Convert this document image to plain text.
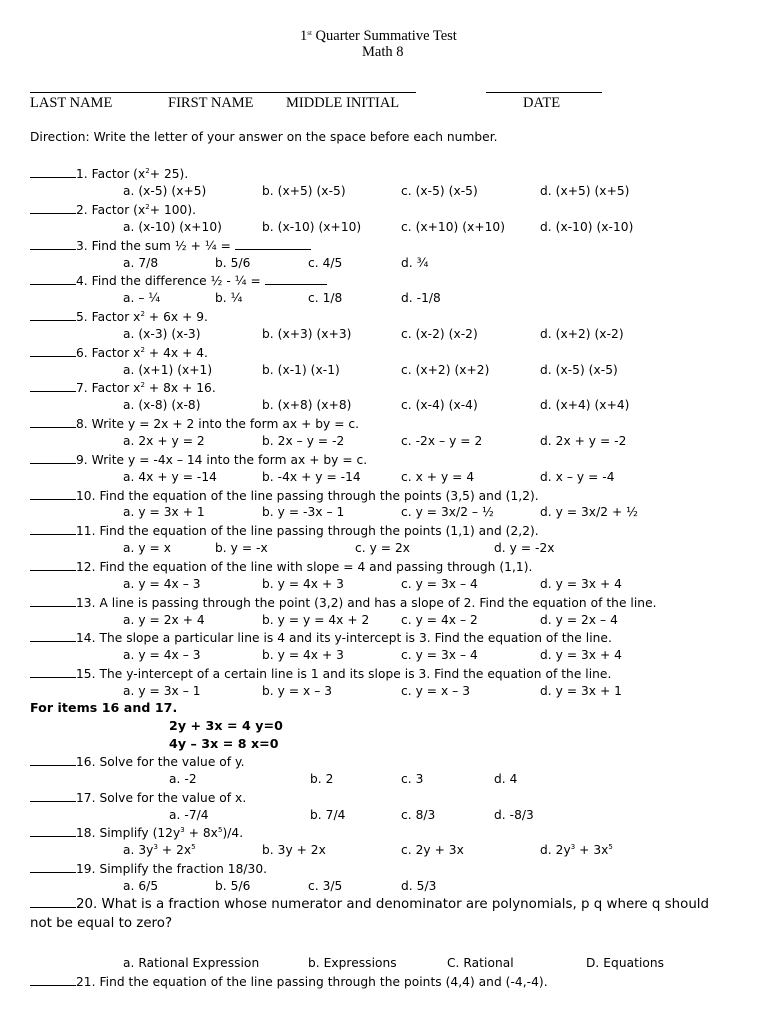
1st Quarter Summative Test
Math 8
LAST NAME	FIRST NAME MIDDLE INITIAL	DATE
Direction: Write the letter of your answer on the space before each number.
1. Factor $(x^2+ 25)$.
a. (x-5) (x+5)	b. (x+5) (x-5)	c. (x-5) (x-5)	d. (x+5) (x+5)
2. Factor $(x^2+ 100)$.
a. (x-10) (x+10)	b. (x-10) (x+10)	c. (x+10) (x+10)	d. (x-10) (x-10)
3. Find the sum ½ + ¼ =
a. 7/8	b. 5/6	c. 4/5	d. ¾
4. Find the difference ½ - ¼ =
a. – ¼	b. ¼	c. 1/8	d. -1/8
5. Factor $x^2 + 6x + 9$.
a. (x-3) (x-3)	b. (x+3) (x+3)	c. (x-2) (x-2)	d. (x+2) (x-2)
6. Factor $x^2 + 4x + 4$.
a. (x+1) (x+1)	b. (x-1) (x-1)	c. (x+2) (x+2)	d. (x-5) (x-5)
7. Factor $x^2 + 8x + 16$.
a. (x-8) (x-8)	b. (x+8) (x+8)	c. (x-4) (x-4)	d. (x+4) (x+4)
8. Write y = 2x + 2 into the form ax + by = c.
a. 2x + y = 2	b. 2x – y = -2	c. -2x – y = 2	d. 2x + y = -2
9. Write y = -4x – 14 into the form ax + by = c.
a. 4x + y = -14	b. -4x + y = -14	c. x + y = 4	d. x – y = -4
10. Find the equation of the line passing through the points (3,5) and (1,2).
a. y = 3x + 1	b. y = -3x – 1	c. y = 3x/2 – ½	d. y = 3x/2 + ½
11. Find the equation of the line passing through the points (1,1) and (2,2).
a. y = x	b. y = -x	c. y = 2x	d. y = -2x
12. Find the equation of the line with slope = 4 and passing through (1,1).
a. y = 4x – 3	b. y = 4x + 3	c. y = 3x – 4	d. y = 3x + 4
13. A line is passing through the point (3,2) and has a slope of 2. Find the equation of the line.
a. y = 2x + 4	b. y = y = 4x + 2	c. y = 4x – 2	d. y = 2x – 4
14. The slope a particular line is 4 and its y-intercept is 3. Find the equation of the line.
a. y = 4x – 3	b. y = 4x + 3	c. y = 3x – 4	d. y = 3x + 4
15. The y-intercept of a certain line is 1 and its slope is 3. Find the equation of the line.
a. y = 3x – 1	b. y = x – 3	c. y = x – 3	d. y = 3x + 1
For items 16 and 17.
2y + 3x = 4 y=0
4y – 3x = 8 x=0
16. Solve for the value of y.
a. -2	b. 2	c. 3	d. 4
17. Solve for the value of x.
a. -7/4	b. 7/4	c. 8/3	d. -8/3
18. Simplify $(12y^3 + 8x^5)/4$.
a. $3y^3 + 2x^5$	b. 3y + 2x	c. 2y + 3x	d. $2y^3 + 3x^5$
19. Simplify the fraction 18/30.
a. 6/5	b. 5/6	c. 3/5	d. 5/3
20. What is a fraction whose numerator and denominator are polynomials, p q where q should
not be equal to zero?
a. Rational Expression	b. Expressions	C. Rational	D. Equations
21. Find the equation of the line passing through the points (4,4) and (-4,-4).
